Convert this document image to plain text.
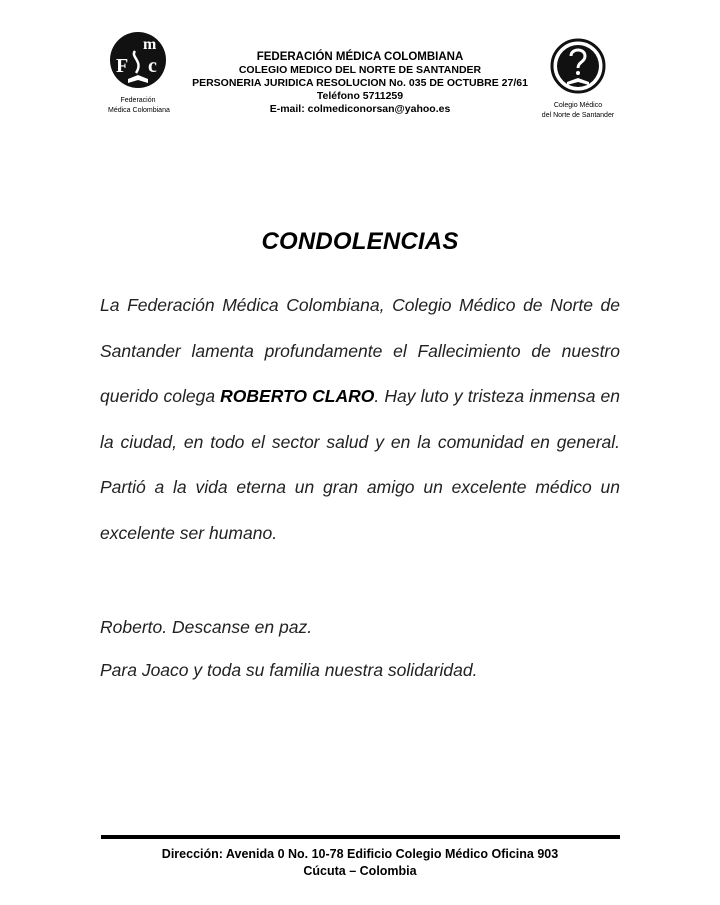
m
F c
Federación
Médica Colombiana
FEDERACIÓN MÉDICA COLOMBIANA
COLEGIO MEDICO DEL NORTE DE SANTANDER
PERSONERIA JURIDICA RESOLUCION No. 035 DE OCTUBRE 27/61
Teléfono 5711259
E-mail: colmediconorsan@yahoo.es	Colegio Médico
del Norte de Santander
CONDOLENCIAS
La Federación Médica Colombiana, Colegio Médico de Norte de Santander lamenta profundamente el Fallecimiento de nuestro querido colega ROBERTO CLARO. Hay luto y tristeza inmensa en la ciudad, en todo el sector salud y en la comunidad en general. Partió a la vida eterna un gran amigo un excelente médico un excelente ser humano.
Roberto. Descanse en paz.
Para Joaco y toda su familia nuestra solidaridad.
Dirección: Avenida 0 No. 10-78 Edificio Colegio Médico Oficina 903
Cúcuta – Colombia
